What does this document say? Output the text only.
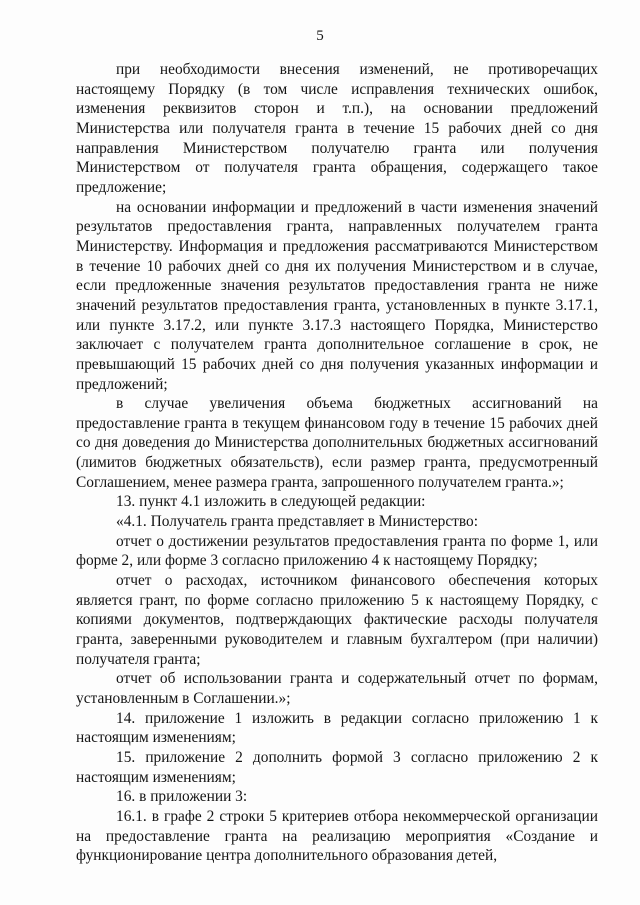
5

при необходимости внесения изменений, не противоречащих настоящему Порядку (в том числе исправления технических ошибок, изменения реквизитов сторон и т.п.), на основании предложений Министерства или получателя гранта в течение 15 рабочих дней со дня направления Министерством получателю гранта или получения Министерством от получателя гранта обращения, содержащего такое предложение;

на основании информации и предложений в части изменения значений результатов предоставления гранта, направленных получателем гранта Министерству. Информация и предложения рассматриваются Министерством в течение 10 рабочих дней со дня их получения Министерством и в случае, если предложенные значения результатов предоставления гранта не ниже значений результатов предоставления гранта, установленных в пункте 3.17.1, или пункте 3.17.2, или пункте 3.17.3 настоящего Порядка, Министерство заключает с получателем гранта дополнительное соглашение в срок, не превышающий 15 рабочих дней со дня получения указанных информации и предложений;

в случае увеличения объема бюджетных ассигнований на предоставление гранта в текущем финансовом году в течение 15 рабочих дней со дня доведения до Министерства дополнительных бюджетных ассигнований (лимитов бюджетных обязательств), если размер гранта, предусмотренный Соглашением, менее размера гранта, запрошенного получателем гранта.»;

13. пункт 4.1 изложить в следующей редакции:

«4.1. Получатель гранта представляет в Министерство:

отчет о достижении результатов предоставления гранта по форме 1, или форме 2, или форме 3 согласно приложению 4 к настоящему Порядку;

отчет о расходах, источником финансового обеспечения которых является грант, по форме согласно приложению 5 к настоящему Порядку, с копиями документов, подтверждающих фактические расходы получателя гранта, заверенными руководителем и главным бухгалтером (при наличии) получателя гранта;

отчет об использовании гранта и содержательный отчет по формам, установленным в Соглашении.»;

14. приложение 1 изложить в редакции согласно приложению 1 к настоящим изменениям;

15. приложение 2 дополнить формой 3 согласно приложению 2 к настоящим изменениям;

16. в приложении 3:

16.1. в графе 2 строки 5 критериев отбора некоммерческой организации на предоставление гранта на реализацию мероприятия «Создание и функционирование центра дополнительного образования детей,
